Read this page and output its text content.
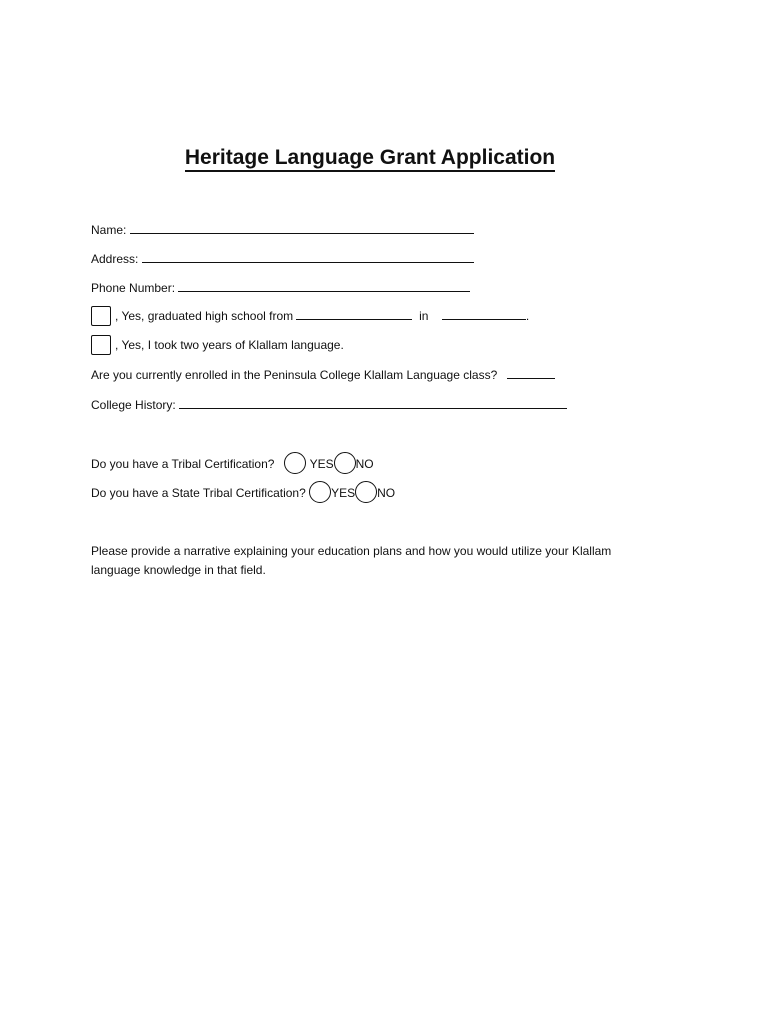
Heritage Language Grant Application
Name:
Address:
Phone Number:
, Yes, graduated high school from	in	.
, Yes, I took two years of Klallam language.
Are you currently enrolled in the Peninsula College Klallam Language class?
College History:
Do you have a Tribal Certification?	YES NO
Do you have a State Tribal Certification? YES NO
Please provide a narrative explaining your education plans and how you would utilize your Klallam language knowledge in that field.
